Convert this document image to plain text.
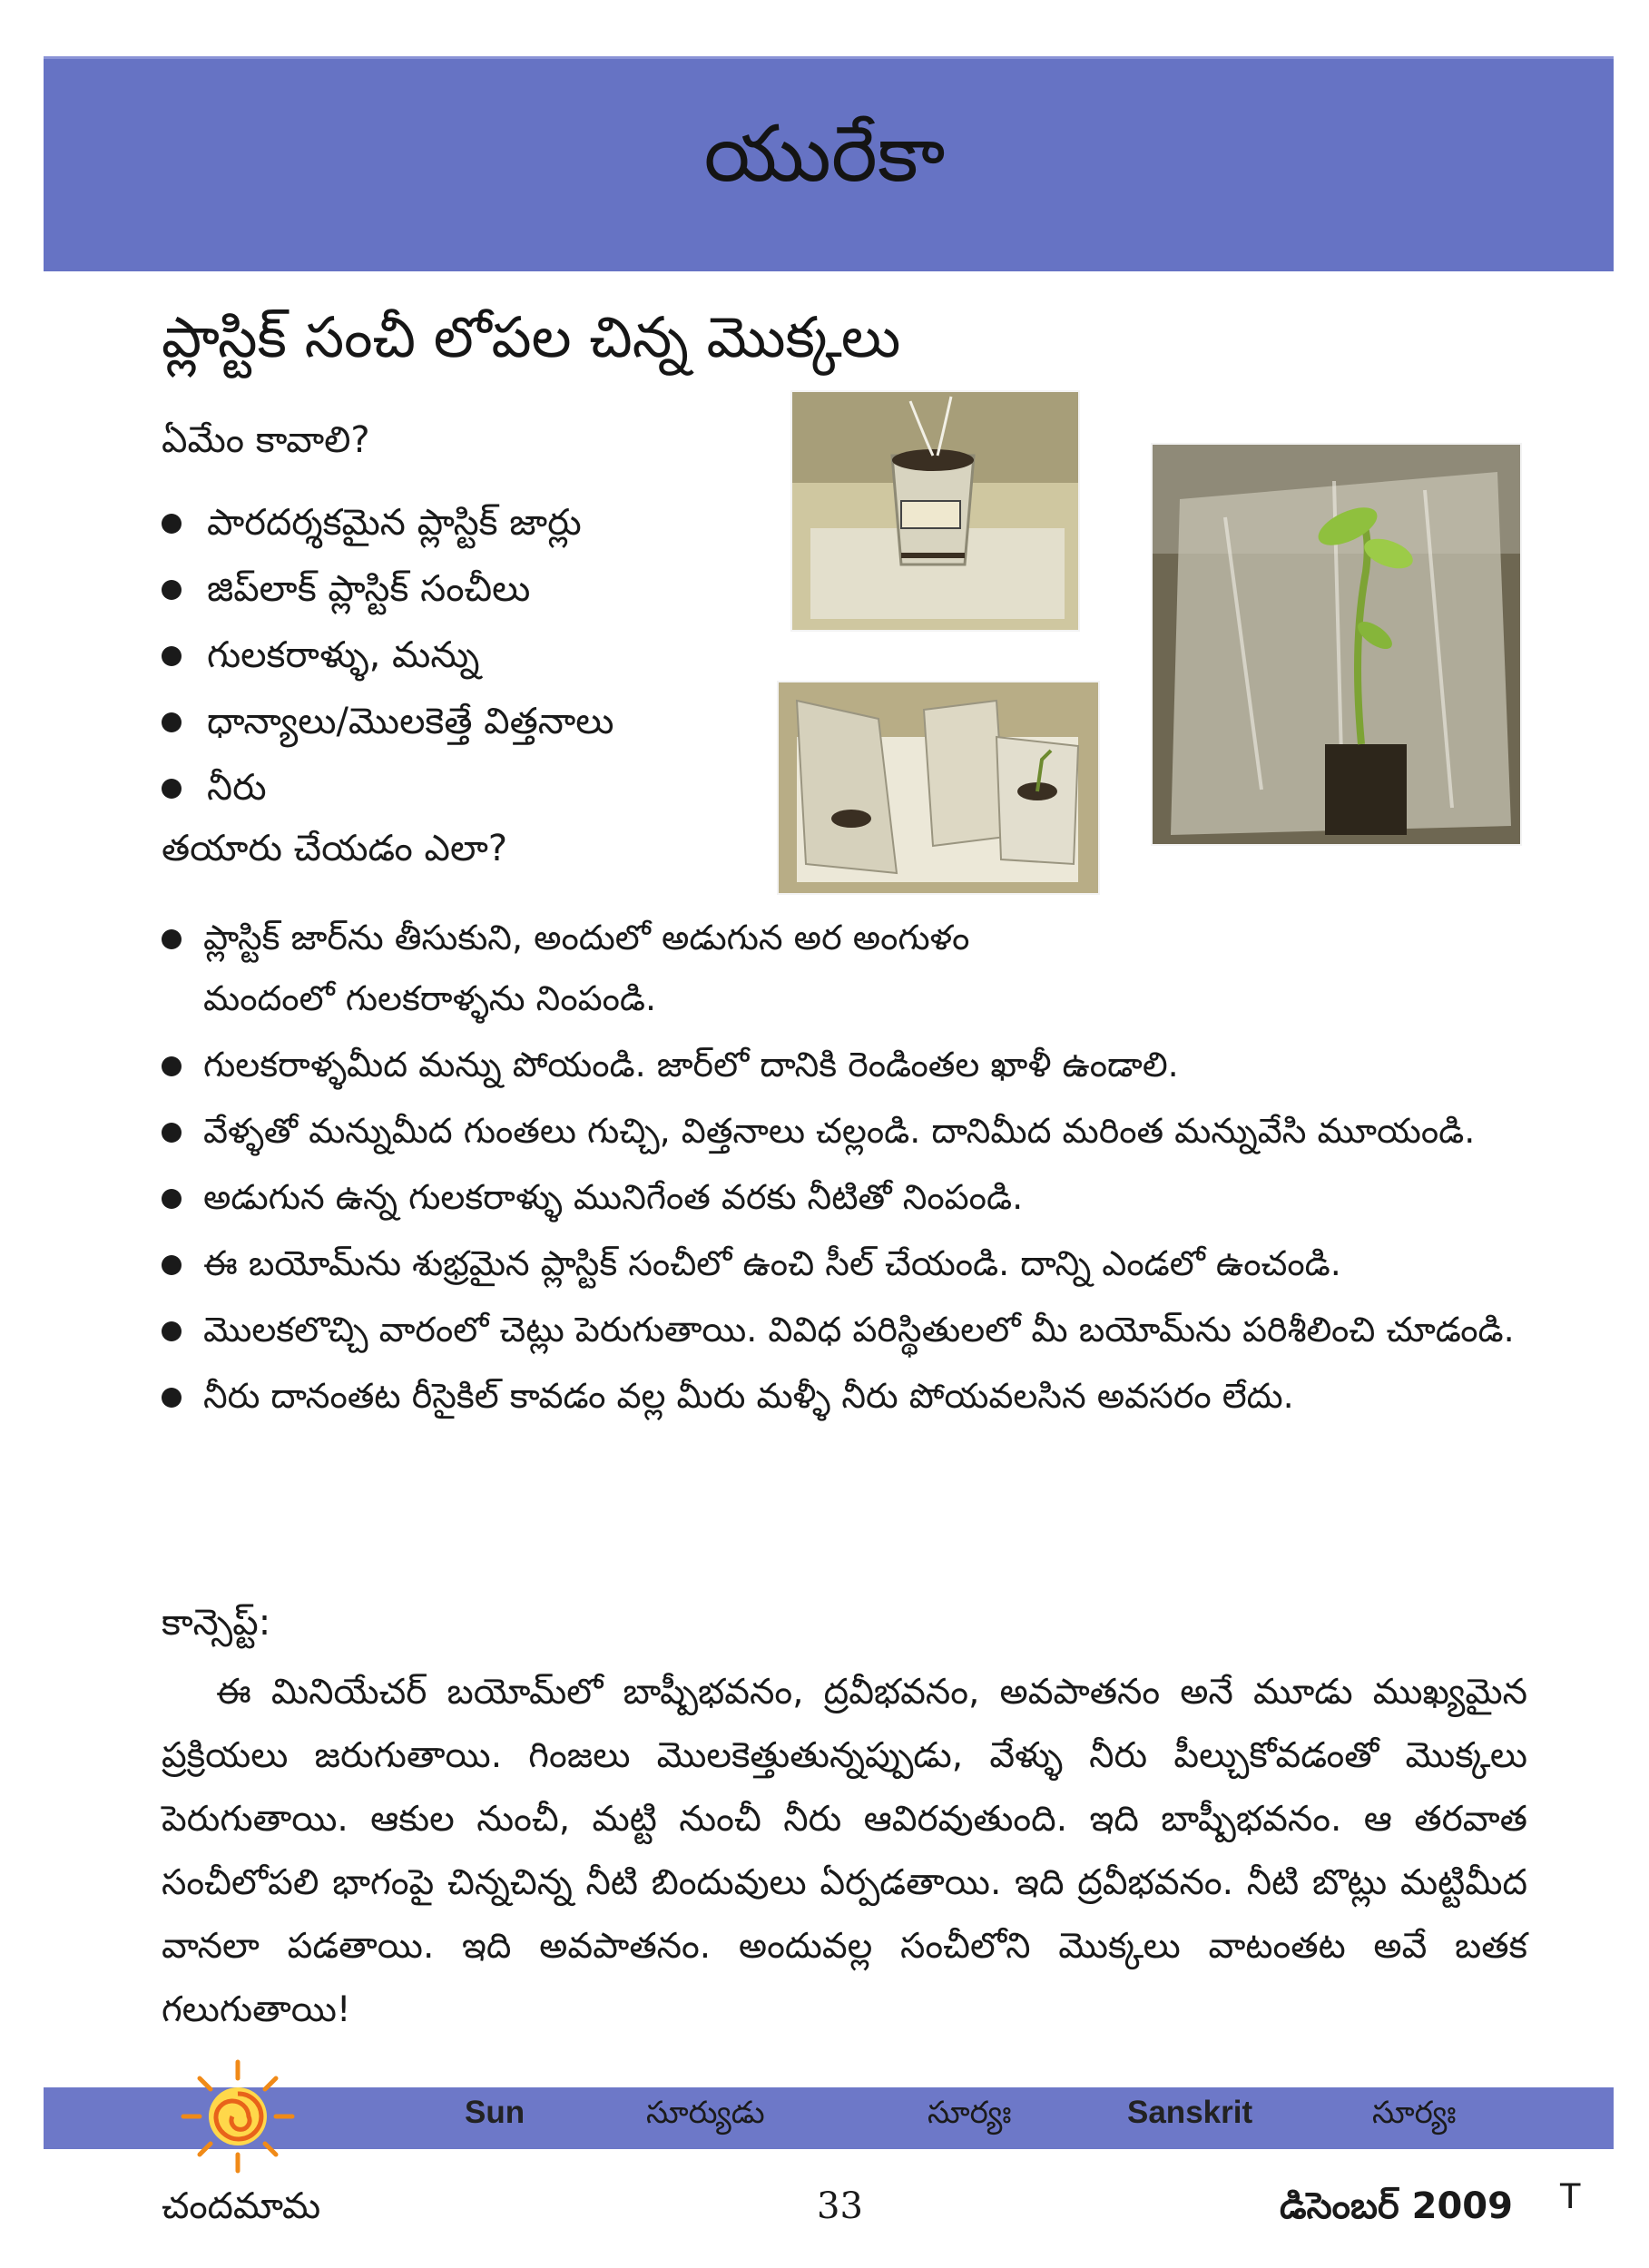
యురేకా
ప్లాస్టిక్ సంచీ లోపల చిన్న మొక్కలు
ఏమేం కావాలి?
పారదర్శకమైన ప్లాస్టిక్ జార్లు
జిప్‌లాక్ ప్లాస్టిక్ సంచీలు
గులకరాళ్ళు, మన్ను
ధాన్యాలు/మొలకెత్తే విత్తనాలు
నీరు
తయారు చేయడం ఎలా?
ప్లాస్టిక్ జార్‌ను తీసుకుని, అందులో అడుగున అర అంగుళం మందంలో గులకరాళ్ళను నింపండి.
గులకరాళ్ళమీద మన్ను పోయండి. జార్‌లో దానికి రెండింతల ఖాళీ ఉండాలి.
వేళ్ళతో మన్నుమీద గుంతలు గుచ్చి, విత్తనాలు చల్లండి. దానిమీద మరింత మన్నువేసి మూయండి.
అడుగున ఉన్న గులకరాళ్ళు మునిగేంత వరకు నీటితో నింపండి.
ఈ బయోమ్‌ను శుభ్రమైన ప్లాస్టిక్ సంచీలో ఉంచి సీల్ చేయండి. దాన్ని ఎండలో ఉంచండి.
మొలకలొచ్చి వారంలో చెట్లు పెరుగుతాయి. వివిధ పరిస్థితులలో మీ బయోమ్‌ను పరిశీలించి చూడండి.
నీరు దానంతట రీసైకిల్ కావడం వల్ల మీరు మళ్ళీ నీరు పోయవలసిన అవసరం లేదు.
కాన్సెప్ట్:
ఈ మినియేచర్ బయోమ్‌లో బాష్పీభవనం, ద్రవీభవనం, అవపాతనం అనే మూడు ముఖ్యమైన ప్రక్రియలు జరుగుతాయి. గింజలు మొలకెత్తుతున్నప్పుడు, వేళ్ళు నీరు పీల్చుకోవడంతో మొక్కలు పెరుగుతాయి. ఆకుల నుంచీ, మట్టి నుంచీ నీరు ఆవిరవుతుంది. ఇది బాష్పీభవనం. ఆ తరవాత సంచీలోపలి భాగంపై చిన్నచిన్న నీటి బిందువులు ఏర్పడతాయి. ఇది ద్రవీభవనం. నీటి బొట్లు మట్టిమీద వానలా పడతాయి. ఇది అవపాతనం. అందువల్ల సంచీలోని మొక్కలు వాటంతట అవే బతక గలుగుతాయి!
Sun	సూర్యుడు	సూర్యః	Sanskrit	సూర్యః
చందమామ	33	డిసెంబర్ 2009 T
